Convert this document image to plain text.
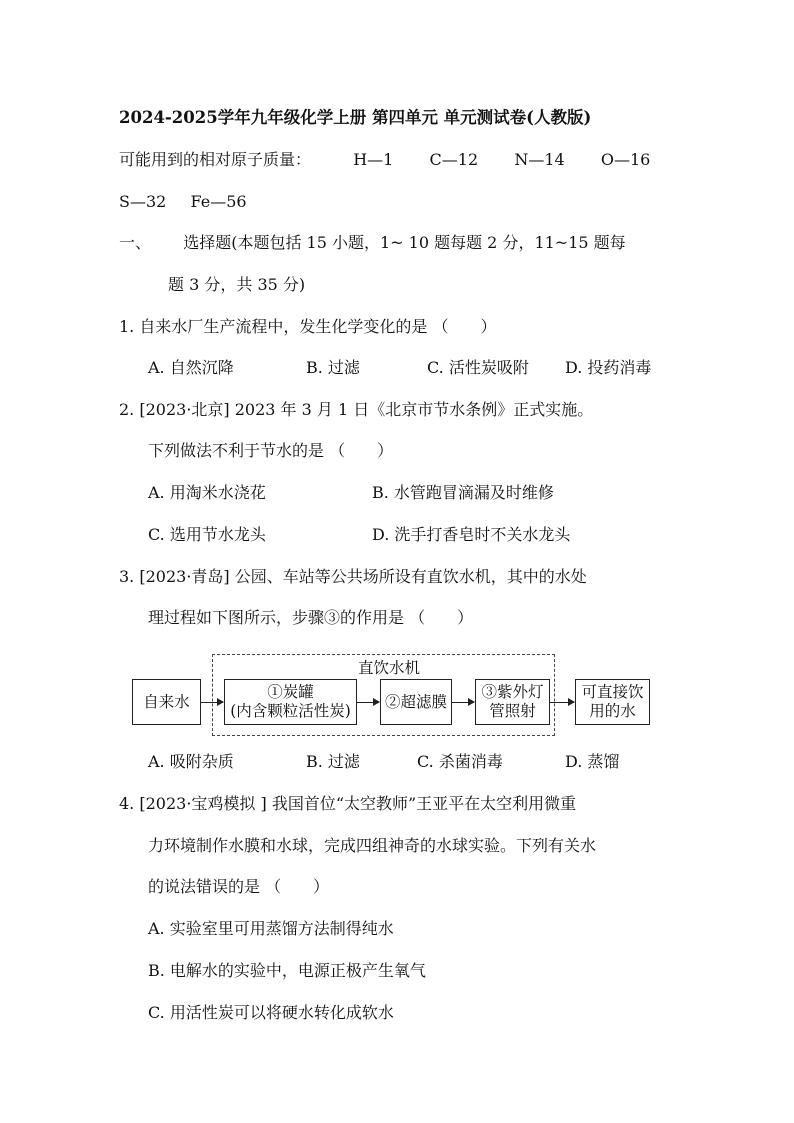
2024-2025学年九年级化学上册 第四单元 单元测试卷(人教版)
可能用到的相对原子质量：	H—1 C—12 N—14 O—16
S—32 Fe—56
一、 选择题(本题包括 15 小题，1~ 10 题每题 2 分，11~15 题每
题 3 分，共 35 分)
1. 自来水厂生产流程中，发生化学变化的是 （　　）
A. 自然沉降	B. 过滤	C. 活性炭吸附 D. 投药消毒
2. [2023·北京] 2023 年 3 月 1 日《北京市节水条例》正式实施。
下列做法不利于节水的是 （　　）
A. 用淘米水浇花	B. 水管跑冒滴漏及时维修
C. 选用节水龙头	D. 洗手打香皂时不关水龙头
3. [2023·青岛] 公园、车站等公共场所设有直饮水机，其中的水处
理过程如下图所示，步骤③的作用是 （　　）
直饮水机
自来水
①炭罐
(内含颗粒活性炭)
②超滤膜
③紫外灯
管照射
可直接饮
用的水
A. 吸附杂质	B. 过滤	C. 杀菌消毒	D. 蒸馏
4. [2023·宝鸡模拟 ] 我国首位“太空教师”王亚平在太空利用微重
力环境制作水膜和水球，完成四组神奇的水球实验。下列有关水
的说法错误的是 （　　）
A. 实验室里可用蒸馏方法制得纯水
B. 电解水的实验中，电源正极产生氧气
C. 用活性炭可以将硬水转化成软水
